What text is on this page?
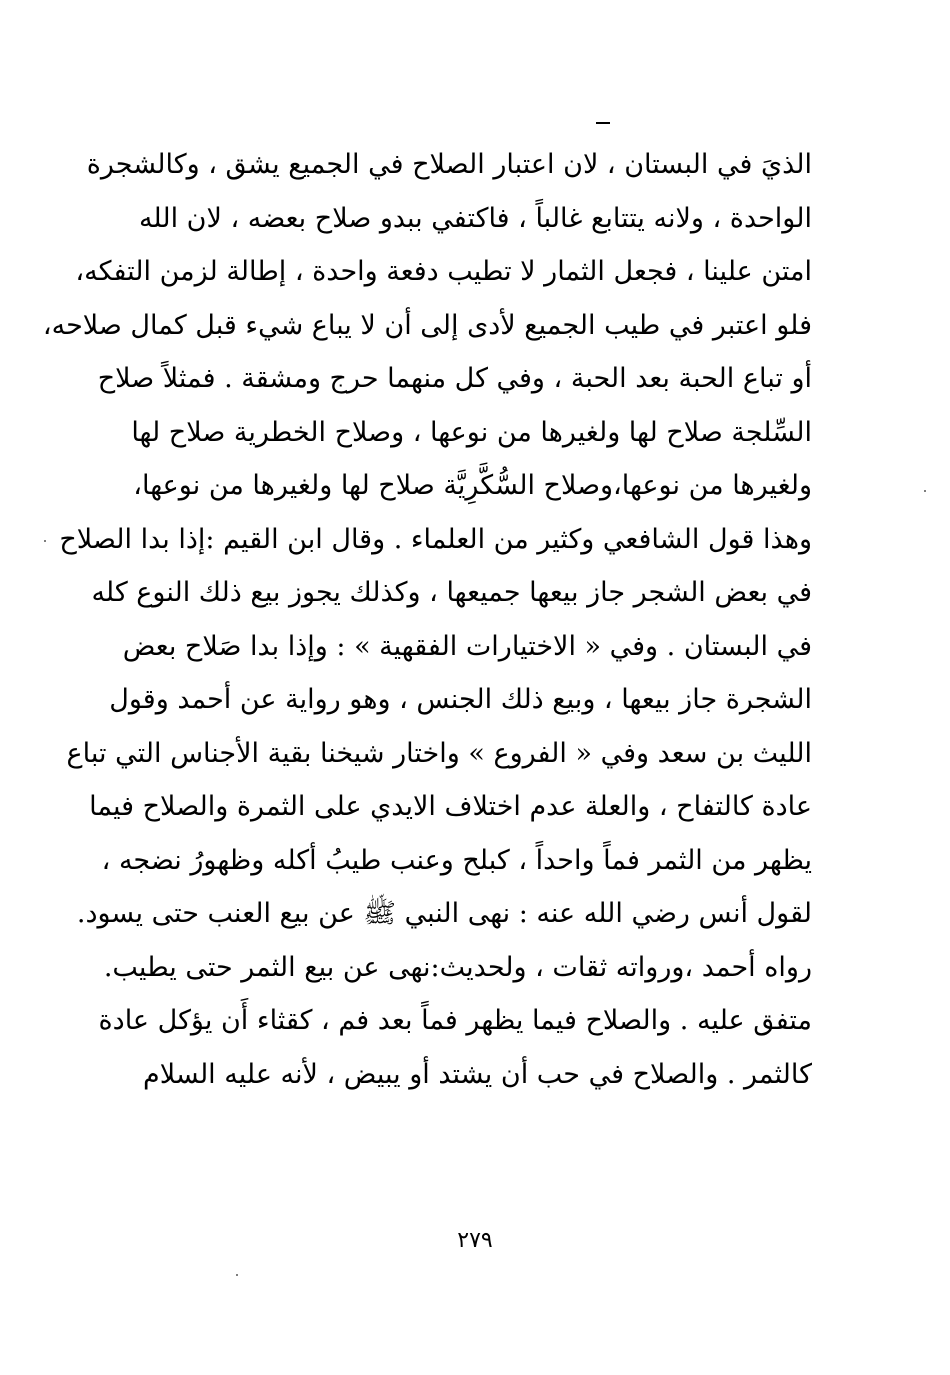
الذيَ في البستان ، لان اعتبار الصلاح في الجميع يشق ، وكالشجرة
الواحدة ، ولانه يتتابع غالباً ، فاكتفي ببدو صلاح بعضه ، لان الله
امتن علينا ، فجعل الثمار لا تطيب دفعة واحدة ، إطالة لزمن التفكه،
فلو اعتبر في طيب الجميع لأدى إلى أن لا يباع شيء قبل كمال صلاحه،
أو تباع الحبة بعد الحبة ، وفي كل منهما حرج ومشقة . فمثلاً صلاح
السِّلجة صلاح لها ولغيرها من نوعها ، وصلاح الخطرية صلاح لها
ولغيرها من نوعها،وصلاح السُّكَّرِيَّة صلاح لها ولغيرها من نوعها،
وهذا قول الشافعي وكثير من العلماء . وقال ابن القيم :إذا بدا الصلاح
في بعض الشجر جاز بيعها جميعها ، وكذلك يجوز بيع ذلك النوع كله
في البستان . وفي « الاختيارات الفقهية » : وإذا بدا صَلاح بعض
الشجرة جاز بيعها ، وبيع ذلك الجنس ، وهو رواية عن أحمد وقول
الليث بن سعد وفي « الفروع » واختار شيخنا بقية الأجناس التي تباع
عادة كالتفاح ، والعلة عدم اختلاف الايدي على الثمرة والصلاح فيما
يظهر من الثمر فماً واحداً ، كبلح وعنب طيبُ أكله وظهورُ نضجه ،
لقول أنس رضي الله عنه : نهى النبي ﷺ عن بيع العنب حتى يسود.
رواه أحمد ،ورواته ثقات ، ولحديث:نهى عن بيع الثمر حتى يطيب.
متفق عليه . والصلاح فيما يظهر فماً بعد فم ، كقثاء أَن يؤكل عادة
كالثمر . والصلاح في حب أن يشتد أو يبيض ، لأنه عليه السلام
٢٧٩
